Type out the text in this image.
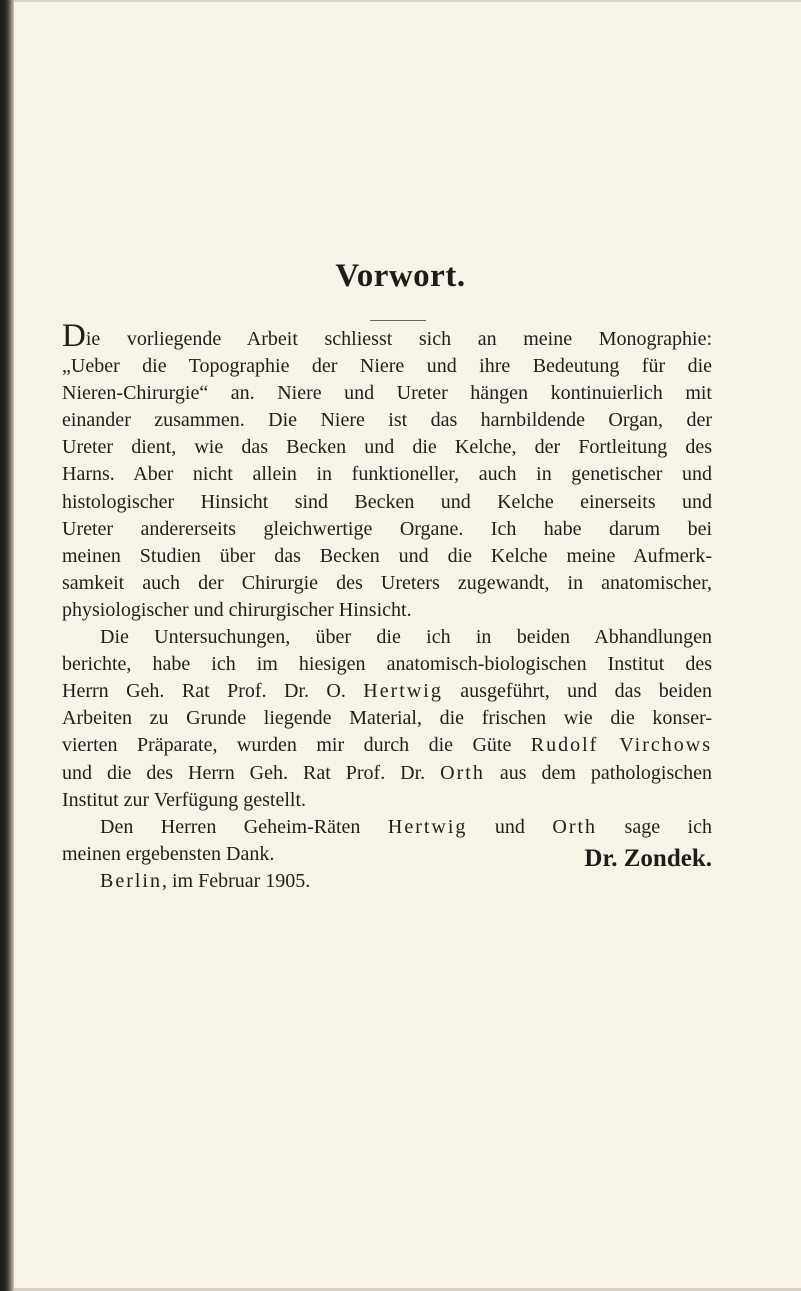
Vorwort.

Die vorliegende Arbeit schliesst sich an meine Monographie:
„Ueber die Topographie der Niere und ihre Bedeutung für die
Nieren-Chirurgie“ an. Niere und Ureter hängen kontinuierlich mit
einander zusammen. Die Niere ist das harnbildende Organ, der
Ureter dient, wie das Becken und die Kelche, der Fortleitung des
Harns. Aber nicht allein in funktioneller, auch in genetischer und
histologischer Hinsicht sind Becken und Kelche einerseits und
Ureter andererseits gleichwertige Organe. Ich habe darum bei
meinen Studien über das Becken und die Kelche meine Aufmerk-
samkeit auch der Chirurgie des Ureters zugewandt, in anatomischer,
physiologischer und chirurgischer Hinsicht.

Die Untersuchungen, über die ich in beiden Abhandlungen
berichte, habe ich im hiesigen anatomisch-biologischen Institut des
Herrn Geh. Rat Prof. Dr. O. Hertwig ausgeführt, und das beiden
Arbeiten zu Grunde liegende Material, die frischen wie die konser-
vierten Präparate, wurden mir durch die Güte Rudolf Virchows
und die des Herrn Geh. Rat Prof. Dr. Orth aus dem pathologischen
Institut zur Verfügung gestellt.

Den Herren Geheim-Räten Hertwig und Orth sage ich
meinen ergebensten Dank.

Berlin, im Februar 1905.

Dr. Zondek.
